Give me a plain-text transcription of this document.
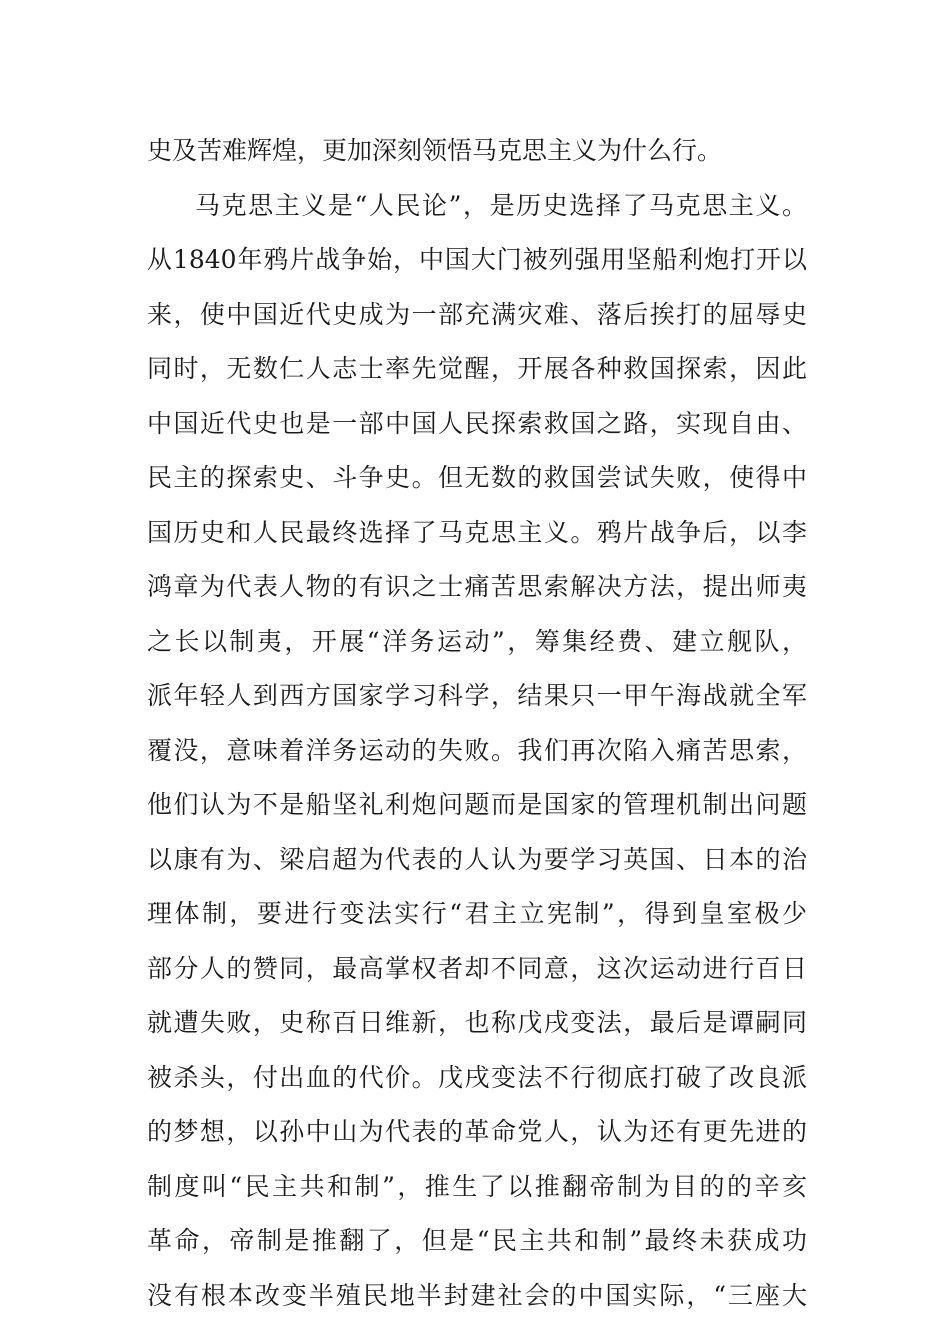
史及苦难辉煌，更加深刻领悟马克思主义为什么行。
马克思主义是“人民论”，是历史选择了马克思主义。
从1840年鸦片战争始，中国大门被列强用坚船利炮打开以
来，使中国近代史成为一部充满灾难、落后挨打的屈辱史
同时，无数仁人志士率先觉醒，开展各种救国探索，因此
中国近代史也是一部中国人民探索救国之路，实现自由、
民主的探索史、斗争史。但无数的救国尝试失败，使得中
国历史和人民最终选择了马克思主义。鸦片战争后，以李
鸿章为代表人物的有识之士痛苦思索解决方法，提出师夷
之长以制夷，开展“洋务运动”，筹集经费、建立舰队，
派年轻人到西方国家学习科学，结果只一甲午海战就全军
覆没，意味着洋务运动的失败。我们再次陷入痛苦思索，
他们认为不是船坚礼利炮问题而是国家的管理机制出问题
以康有为、梁启超为代表的人认为要学习英国、日本的治
理体制，要进行变法实行“君主立宪制”，得到皇室极少
部分人的赞同，最高掌权者却不同意，这次运动进行百日
就遭失败，史称百日维新，也称戊戌变法，最后是谭嗣同
被杀头，付出血的代价。戊戌变法不行彻底打破了改良派
的梦想，以孙中山为代表的革命党人，认为还有更先进的
制度叫“民主共和制”，推生了以推翻帝制为目的的辛亥
革命，帝制是推翻了，但是“民主共和制”最终未获成功
没有根本改变半殖民地半封建社会的中国实际，“三座大
